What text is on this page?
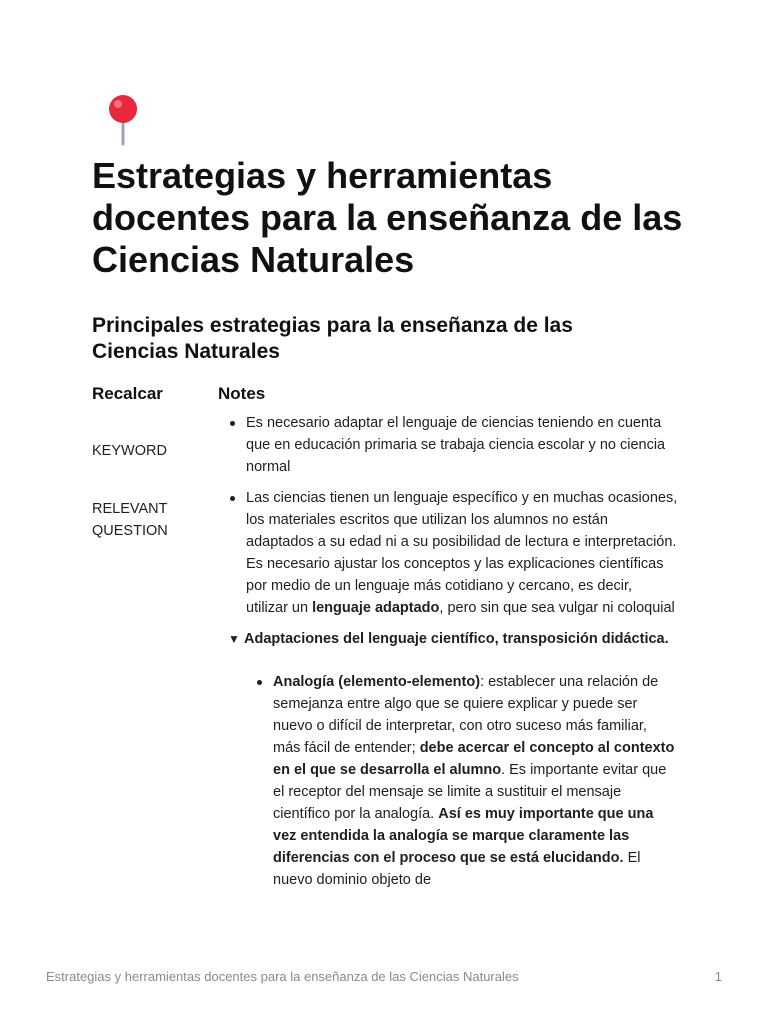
Estrategias y herramientas docentes para la enseñanza de las Ciencias Naturales
Principales estrategias para la enseñanza de las Ciencias Naturales
Recalcar	Notes
KEYWORD
RELEVANT
QUESTION
Es necesario adaptar el lenguaje de ciencias teniendo en cuenta que en educación primaria se trabaja ciencia escolar y no ciencia normal
Las ciencias tienen un lenguaje específico y en muchas ocasiones, los materiales escritos que utilizan los alumnos no están adaptados a su edad ni a su posibilidad de lectura e interpretación. Es necesario ajustar los conceptos y las explicaciones científicas por medio de un lenguaje más cotidiano y cercano, es decir, utilizar un lenguaje adaptado, pero sin que sea vulgar ni coloquial
▼ Adaptaciones del lenguaje científico, transposición didáctica.
Analogía (elemento-elemento): establecer una relación de semejanza entre algo que se quiere explicar y puede ser nuevo o difícil de interpretar, con otro suceso más familiar, más fácil de entender; debe acercar el concepto al contexto en el que se desarrolla el alumno. Es importante evitar que el receptor del mensaje se limite a sustituir el mensaje científico por la analogía. Así es muy importante que una vez entendida la analogía se marque claramente las diferencias con el proceso que se está elucidando. El nuevo dominio objeto de
Estrategias y herramientas docentes para la enseñanza de las Ciencias Naturales	1
